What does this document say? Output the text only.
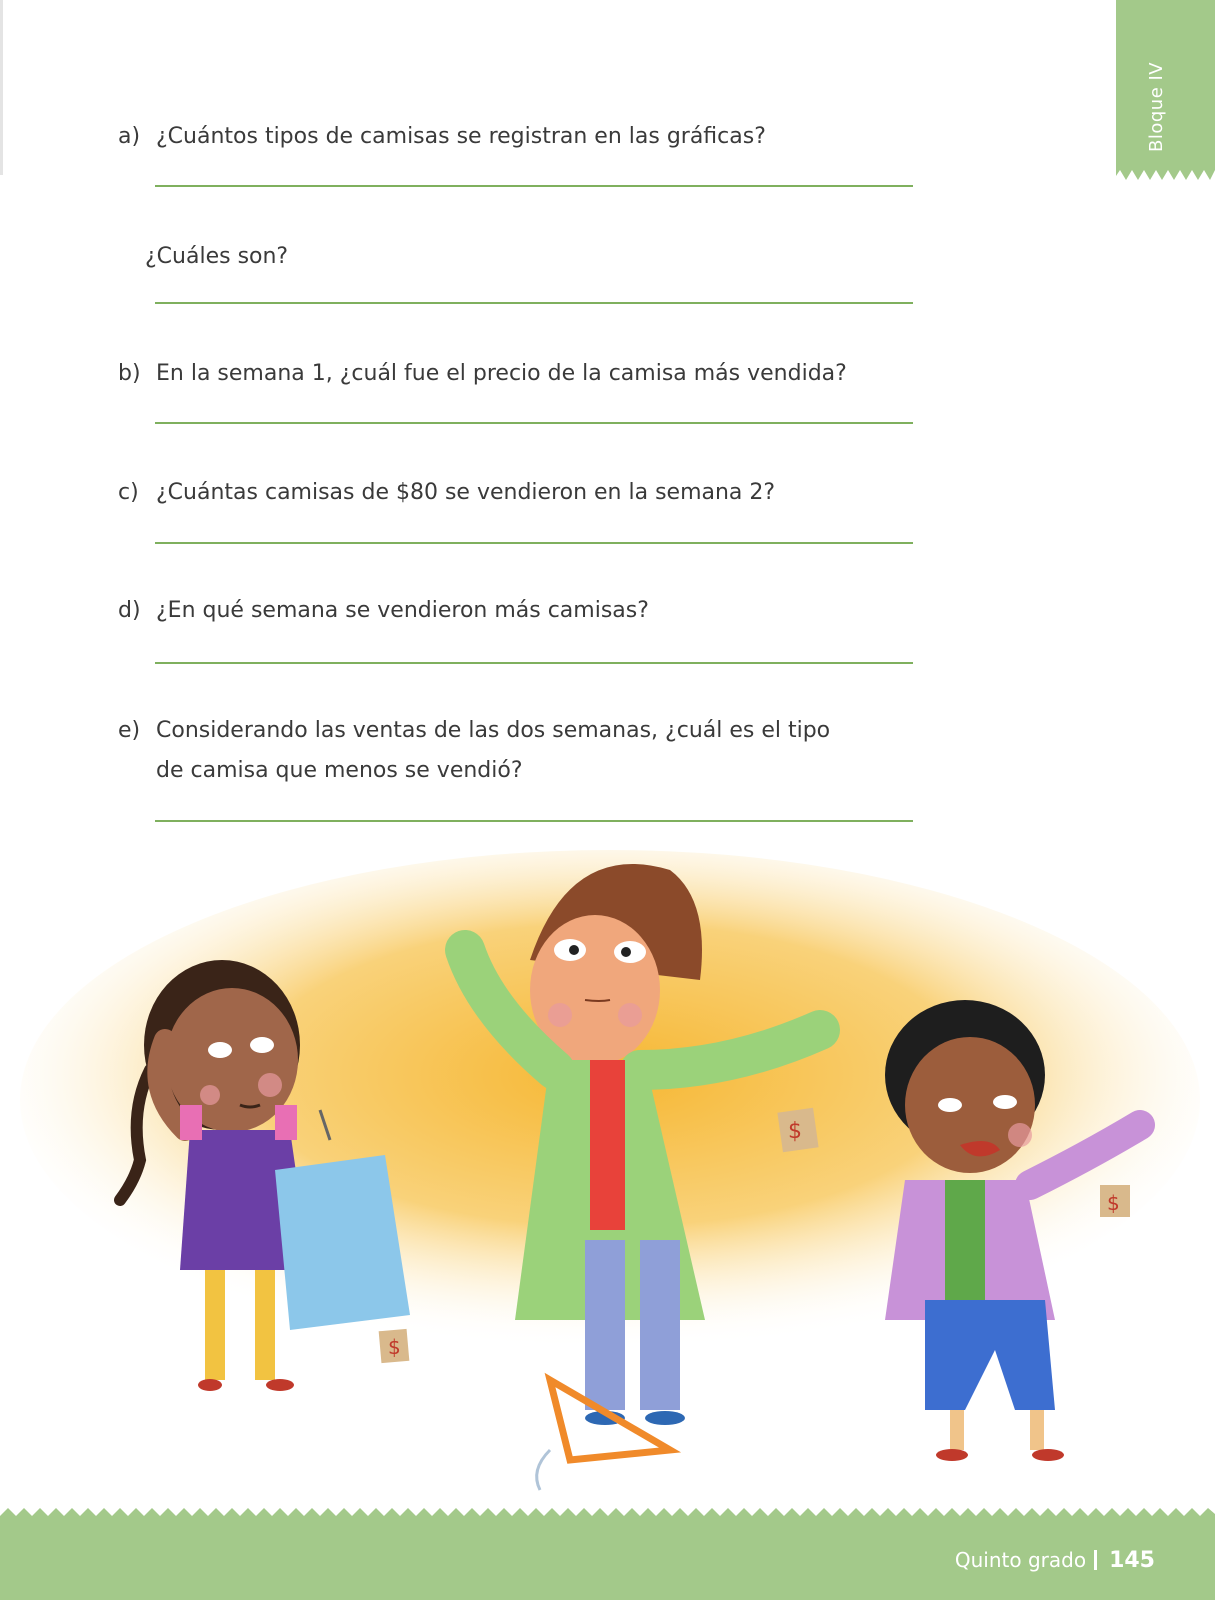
Bloque IV
a) ¿Cuántos tipos de camisas se registran en las gráficas?
¿Cuáles son?
b) En la semana 1, ¿cuál fue el precio de la camisa más vendida?
c) ¿Cuántas camisas de $80 se vendieron en la semana 2?
d) ¿En qué semana se vendieron más camisas?
e) Considerando las ventas de las dos semanas, ¿cuál es el tipo
de camisa que menos se vendió?
$
$
$
Quinto grado 145
